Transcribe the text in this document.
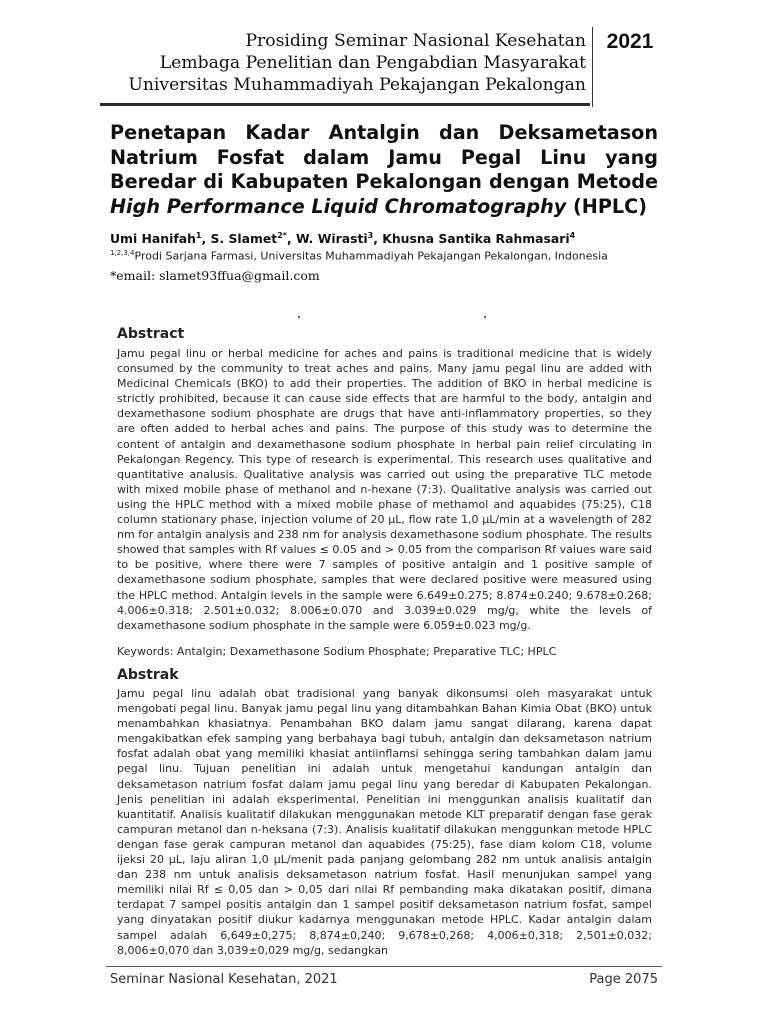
Prosiding Seminar Nasional Kesehatan
Lembaga Penelitian dan Pengabdian Masyarakat
Universitas Muhammadiyah Pekajangan Pekalongan
2021
Penetapan Kadar Antalgin dan Deksametason Natrium Fosfat dalam Jamu Pegal Linu yang Beredar di Kabupaten Pekalongan dengan Metode High Performance Liquid Chromatography (HPLC)
Umi Hanifah$^1$, S. Slamet$^{2*}$, W. Wirasti$^3$, Khusna Santika Rahmasari$^4$
$^{1,2,3,4}$Prodi Sarjana Farmasi, Universitas Muhammadiyah Pekajangan Pekalongan, Indonesia
*email: slamet93ffua@gmail.com
Abstract
Jamu pegal linu or herbal medicine for aches and pains is traditional medicine that is widely consumed by the community to treat aches and pains. Many jamu pegal linu are added with Medicinal Chemicals (BKO) to add their properties. The addition of BKO in herbal medicine is strictly prohibited, because it can cause side effects that are harmful to the body, antalgin and dexamethasone sodium phosphate are drugs that have anti-inflammatory properties, so they are often added to herbal aches and pains. The purpose of this study was to determine the content of antalgin and dexamethasone sodium phosphate in herbal pain relief circulating in Pekalongan Regency. This type of research is experimental. This research uses qualitative and quantitative analusis. Qualitative analysis was carried out using the preparative TLC metode with mixed mobile phase of methanol and n-hexane (7:3). Qualitative analysis was carried out using the HPLC method with a mixed mobile phase of methamol and aquabides (75:25), C18 column stationary phase, injection volume of 20 µL, flow rate 1,0 µL/min at a wavelength of 282 nm for antalgin analysis and 238 nm for analysis dexamethasone sodium phosphate. The results showed that samples with Rf values ≤ 0.05 and > 0.05 from the comparison Rf values ware said to be positive, where there were 7 samples of positive antalgin and 1 positive sample of dexamethasone sodium phosphate, samples that were declared positive were measured using the HPLC method. Antalgin levels in the sample were 6.649±0.275; 8.874±0.240; 9.678±0.268; 4.006±0.318; 2.501±0.032; 8.006±0.070 and 3.039±0.029 mg/g, white the levels of dexamethasone sodium phosphate in the sample were 6.059±0.023 mg/g.
Keywords: Antalgin; Dexamethasone Sodium Phosphate; Preparative TLC; HPLC
Abstrak
Jamu pegal linu adalah obat tradisional yang banyak dikonsumsi oleh masyarakat untuk mengobati pegal linu. Banyak jamu pegal linu yang ditambahkan Bahan Kimia Obat (BKO) untuk menambahkan khasiatnya. Penambahan BKO dalam jamu sangat dilarang, karena dapat mengakibatkan efek samping yang berbahaya bagi tubuh, antalgin dan deksametason natrium fosfat adalah obat yang memiliki khasiat antiinflamsi sehingga sering tambahkan dalam jamu pegal linu. Tujuan penelitian ini adalah untuk mengetahui kandungan antalgin dan deksametason natrium fosfat dalam jamu pegal linu yang beredar di Kabupaten Pekalongan. Jenis penelitian ini adalah eksperimental. Penelitian ini menggunkan analisis kualitatif dan kuantitatif. Analisis kualitatif dilakukan menggunakan metode KLT preparatif dengan fase gerak campuran metanol dan n-heksana (7:3). Analisis kualitatif dilakukan menggunkan metode HPLC dengan fase gerak campuran metanol dan aquabides (75:25), fase diam kolom C18, volume ijeksi 20 µL, laju aliran 1,0 µL/menit pada panjang gelombang 282 nm untuk analisis antalgin dan 238 nm untuk analisis deksametason natrium fosfat. Hasil menunjukan sampel yang memiliki nilai Rf ≤ 0,05 dan > 0,05 dari nilai Rf pembanding maka dikatakan positif, dimana terdapat 7 sampel positis antalgin dan 1 sampel positif deksametason natrium fosfat, sampel yang dinyatakan positif diukur kadarnya menggunakan metode HPLC. Kadar antalgin dalam sampel adalah 6,649±0,275; 8,874±0,240; 9,678±0,268; 4,006±0,318; 2,501±0,032; 8,006±0,070 dan 3,039±0,029 mg/g, sedangkan
Seminar Nasional Kesehatan, 2021	Page 2075
